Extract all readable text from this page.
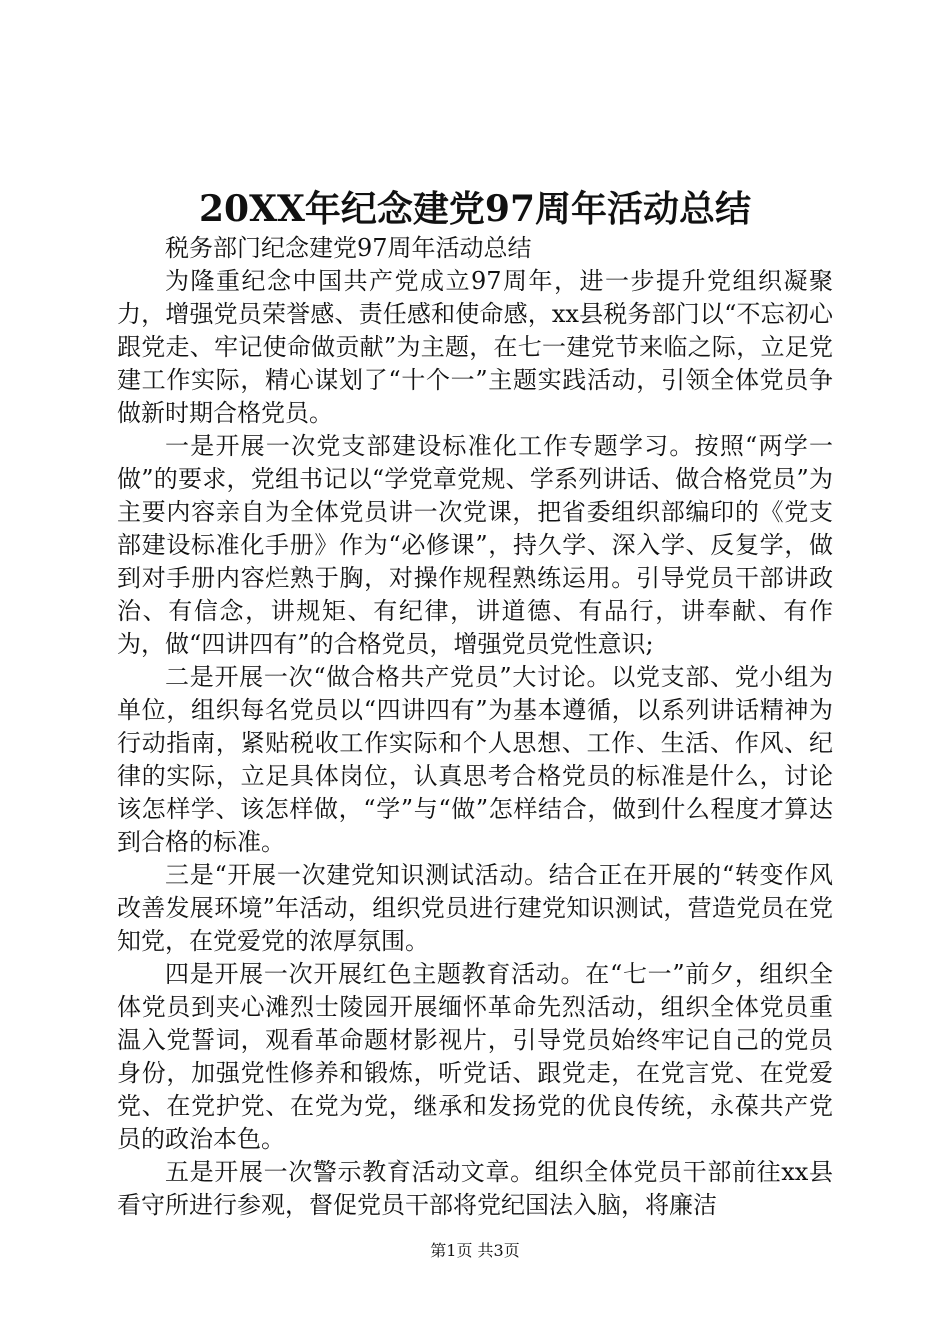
20XX年纪念建党97周年活动总结

税务部门纪念建党97周年活动总结

为隆重纪念中国共产党成立97周年，进一步提升党组织凝聚力，增强党员荣誉感、责任感和使命感，xx县税务部门以“不忘初心跟党走、牢记使命做贡献”为主题，在七一建党节来临之际，立足党建工作实际，精心谋划了“十个一”主题实践活动，引领全体党员争做新时期合格党员。

一是开展一次党支部建设标准化工作专题学习。按照“两学一做”的要求，党组书记以“学党章党规、学系列讲话、做合格党员”为主要内容亲自为全体党员讲一次党课，把省委组织部编印的《党支部建设标准化手册》作为“必修课”，持久学、深入学、反复学，做到对手册内容烂熟于胸，对操作规程熟练运用。引导党员干部讲政治、有信念，讲规矩、有纪律，讲道德、有品行，讲奉献、有作为，做“四讲四有”的合格党员，增强党员党性意识;

二是开展一次“做合格共产党员”大讨论。以党支部、党小组为单位，组织每名党员以“四讲四有”为基本遵循，以系列讲话精神为行动指南，紧贴税收工作实际和个人思想、工作、生活、作风、纪律的实际，立足具体岗位，认真思考合格党员的标准是什么，讨论该怎样学、该怎样做，“学”与“做”怎样结合，做到什么程度才算达到合格的标准。

三是“开展一次建党知识测试活动。结合正在开展的“转变作风改善发展环境”年活动，组织党员进行建党知识测试，营造党员在党知党，在党爱党的浓厚氛围。

四是开展一次开展红色主题教育活动。在“七一”前夕，组织全体党员到夹心滩烈士陵园开展缅怀革命先烈活动，组织全体党员重温入党誓词，观看革命题材影视片，引导党员始终牢记自己的党员身份，加强党性修养和锻炼，听党话、跟党走，在党言党、在党爱党、在党护党、在党为党，继承和发扬党的优良传统，永葆共产党员的政治本色。

五是开展一次警示教育活动文章。组织全体党员干部前往xx县看守所进行参观，督促党员干部将党纪国法入脑，将廉洁

第1页 共3页
